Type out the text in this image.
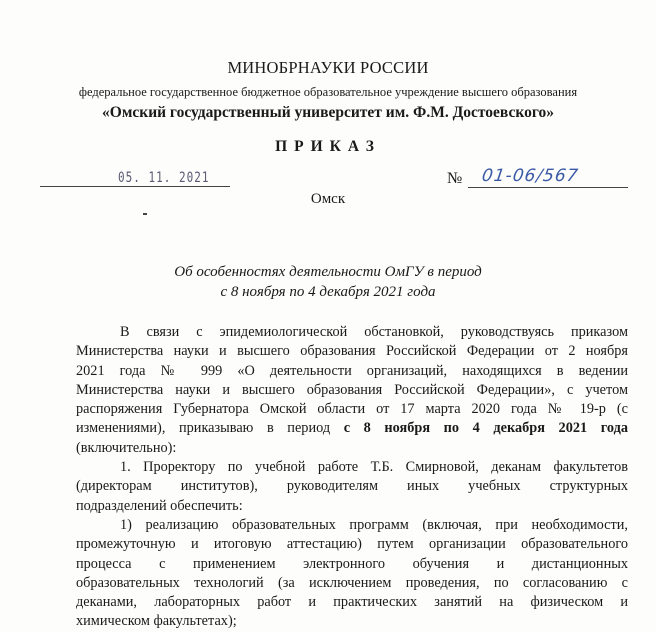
МИНОБРНАУКИ РОССИИ
федеральное государственное бюджетное образовательное учреждение высшего образования
«Омский государственный университет им. Ф.М. Достоевского»
ПРИКАЗ
05. 11. 2021	№ 01-06/567
Омск
Об особенностях деятельности ОмГУ в период
с 8 ноября по 4 декабря 2021 года
В связи с эпидемиологической обстановкой, руководствуясь приказом
Министерства науки и высшего образования Российской Федерации от 2 ноября
2021 года № 999 «О деятельности организаций, находящихся в ведении
Министерства науки и высшего образования Российской Федерации», с учетом
распоряжения Губернатора Омской области от 17 марта 2020 года № 19-р (с
изменениями), приказываю в период с 8 ноября по 4 декабря 2021 года
(включительно):
1. Проректору по учебной работе Т.Б. Смирновой, деканам факультетов
(директорам институтов), руководителям иных учебных структурных
подразделений обеспечить:
1) реализацию образовательных программ (включая, при необходимости,
промежуточную и итоговую аттестацию) путем организации образовательного
процесса с применением электронного обучения и дистанционных
образовательных технологий (за исключением проведения, по согласованию с
деканами, лабораторных работ и практических занятий на физическом и
химическом факультетах);
